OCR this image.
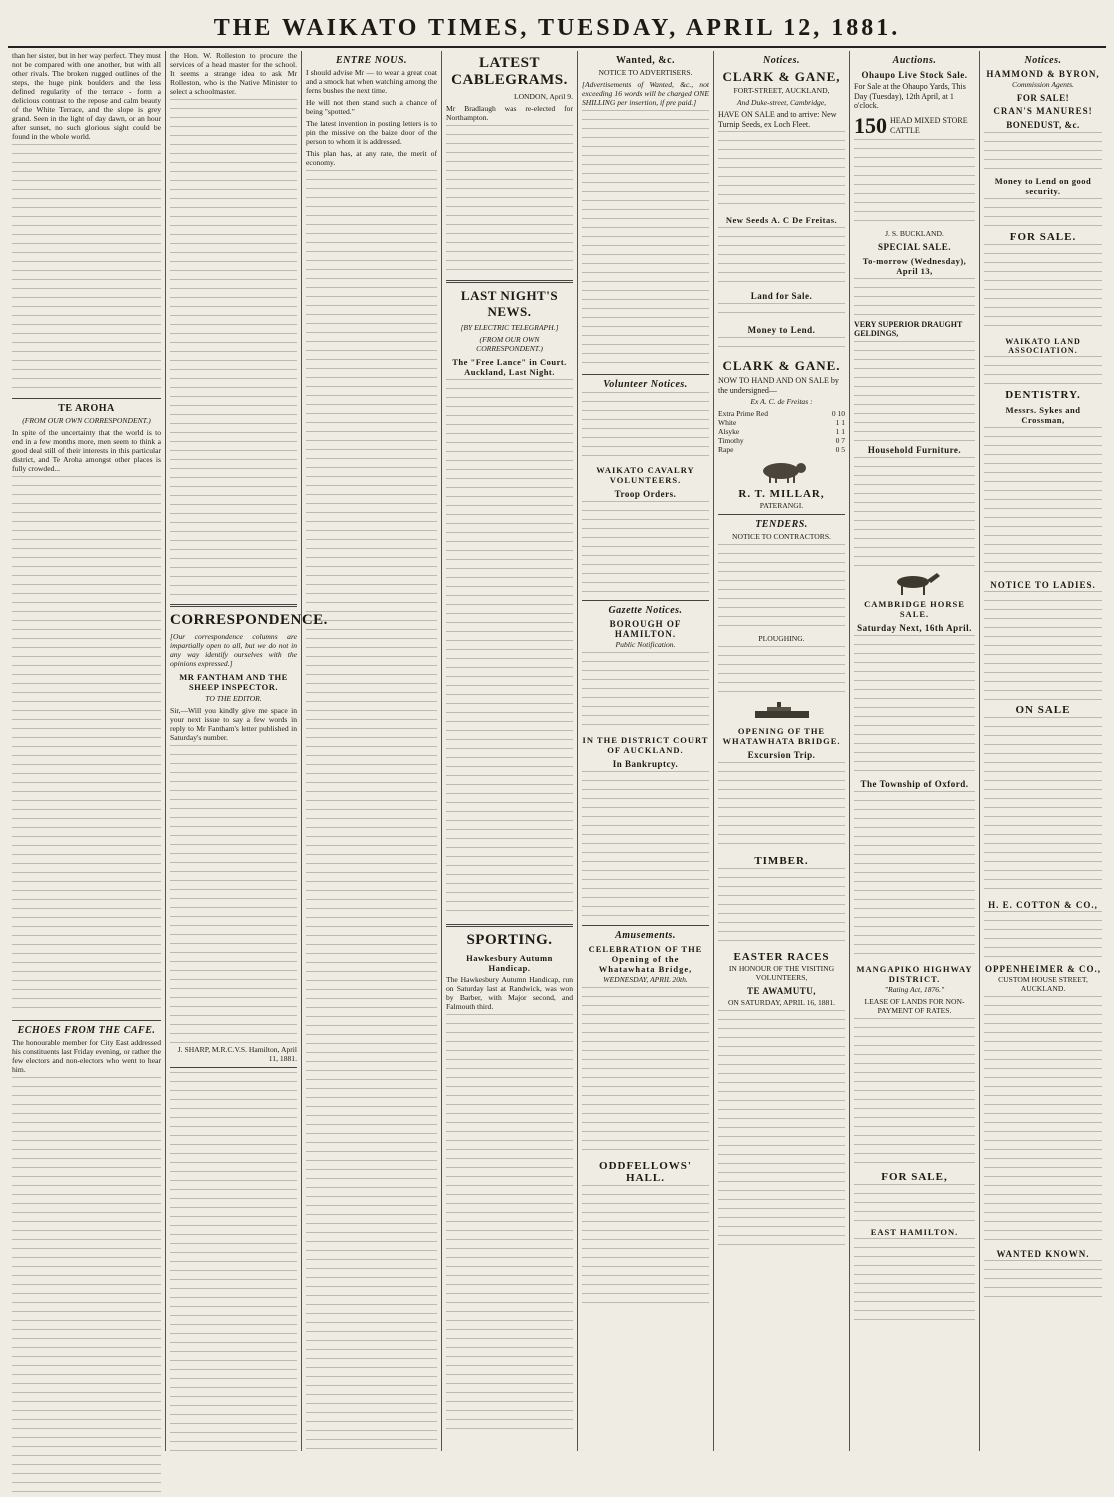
THE WAIKATO TIMES, TUESDAY, APRIL 12, 1881.

than her sister, but in her way perfect. They must not be compared with one another, but with all other rivals. The broken rugged outlines of the steps, the huge pink boulders and the less defined regularity of the terrace - form a delicious contrast to the repose and calm beauty of the White Terrace, and the slope is grey grand. Seen in the light of day dawn, or an hour after sunset, no such glorious sight could be found in the whole world.

TE AROHA
(FROM OUR OWN CORRESPONDENT.)

In spite of the uncertainty that the world is to end in a few months more, men seem to think a good deal still of their interests in this particular district, and Te Aroha amongst other places is fully crowded...

ECHOES FROM THE CAFE.

The honourable member for City East addressed his constituents last Friday evening, or rather the few electors and non-electors who went to hear him.

the Hon. W. Rolleston to procure the services of a head master for the school. It seems a strange idea to ask Mr Rolleston, who is the Native Minister to select a schoolmaster.

CORRESPONDENCE.

[Our correspondence columns are impartially open to all, but we do not in any way identify ourselves with the opinions expressed.]

MR FANTHAM AND THE SHEEP INSPECTOR.
TO THE EDITOR.

Sir,—Will you kindly give me space in your next issue to say a few words in reply to Mr Fantham's letter published in Saturday's number.

J. SHARP, M.R.C.V.S. Hamilton, April 11, 1881.

ENTRE NOUS.

I should advise Mr — to wear a great coat and a smock hat when watching among the ferns bushes the next time.

He will not then stand such a chance of being "spotted."

The latest invention in posting letters is to pin the missive on the baize door of the person to whom it is addressed.

This plan has, at any rate, the merit of economy.

LATEST CABLEGRAMS.
LONDON, April 9.

Mr Bradlaugh was re-elected for Northampton.

LAST NIGHT'S NEWS.
[BY ELECTRIC TELEGRAPH.]
(FROM OUR OWN CORRESPONDENT.)
The "Free Lance" in Court. Auckland, Last Night.
SPORTING.
Hawkesbury Autumn Handicap.

The Hawkesbury Autumn Handicap, run on Saturday last at Randwick, was won by Barber, with Major second, and Falmouth third.

Wanted, &c.
NOTICE TO ADVERTISERS.

[Advertisements of Wanted, &c., not exceeding 16 words will be charged ONE SHILLING per insertion, if pre paid.]

Volunteer Notices.
WAIKATO CAVALRY VOLUNTEERS.
Troop Orders.
Gazette Notices.
BOROUGH OF HAMILTON.
Public Notification.
IN THE DISTRICT COURT OF AUCKLAND.
In Bankruptcy.
Amusements.
CELEBRATION OF THE Opening of the Whatawhata Bridge,
WEDNESDAY, APRIL 20th.
ODDFELLOWS' HALL.
Notices.
CLARK & GANE,
FORT-STREET, AUCKLAND,
And Duke-street, Cambridge,

HAVE ON SALE and to arrive: New Turnip Seeds, ex Loch Fleet.

New Seeds A. C De Freitas.
Land for Sale.
Money to Lend.
CLARK & GANE.

NOW TO HAND AND ON SALE by the undersigned—

Ex A. C. de Freitas :
Extra Prime Red	0 10
White	1 1
Alsyke	1 1
Timothy	0 7
Rape	0 5
R. T. MILLAR,
PATERANGI.
TENDERS.
NOTICE TO CONTRACTORS.
PLOUGHING.
OPENING OF THE WHATAWHATA BRIDGE.
Excursion Trip.
TIMBER.
EASTER RACES
IN HONOUR OF THE VISITING VOLUNTEERS,
TE AWAMUTU,
ON SATURDAY, APRIL 16, 1881.
Auctions.
Ohaupo Live Stock Sale.

For Sale at the Ohaupo Yards, This Day (Tuesday), 12th April, at 1 o'clock.

150 HEAD MIXED STORE CATTLE
J. S. BUCKLAND.
SPECIAL SALE.
To-morrow (Wednesday), April 13,

VERY SUPERIOR DRAUGHT GELDINGS,

Household Furniture.
CAMBRIDGE HORSE SALE.
Saturday Next, 16th April.
The Township of Oxford.
MANGAPIKO HIGHWAY DISTRICT.
"Rating Act, 1876."
LEASE OF LANDS FOR NON-PAYMENT OF RATES.
FOR SALE,
EAST HAMILTON.
Notices.
HAMMOND & BYRON,
Commission Agents.
FOR SALE!
CRAN'S MANURES!
BONEDUST, &c.
Money to Lend on good security.
FOR SALE.
WAIKATO LAND ASSOCIATION.
DENTISTRY.
Messrs. Sykes and Crossman,
NOTICE TO LADIES.
ON SALE
H. E. COTTON & CO.,
OPPENHEIMER & CO.,
CUSTOM HOUSE STREET, AUCKLAND.
WANTED KNOWN.
